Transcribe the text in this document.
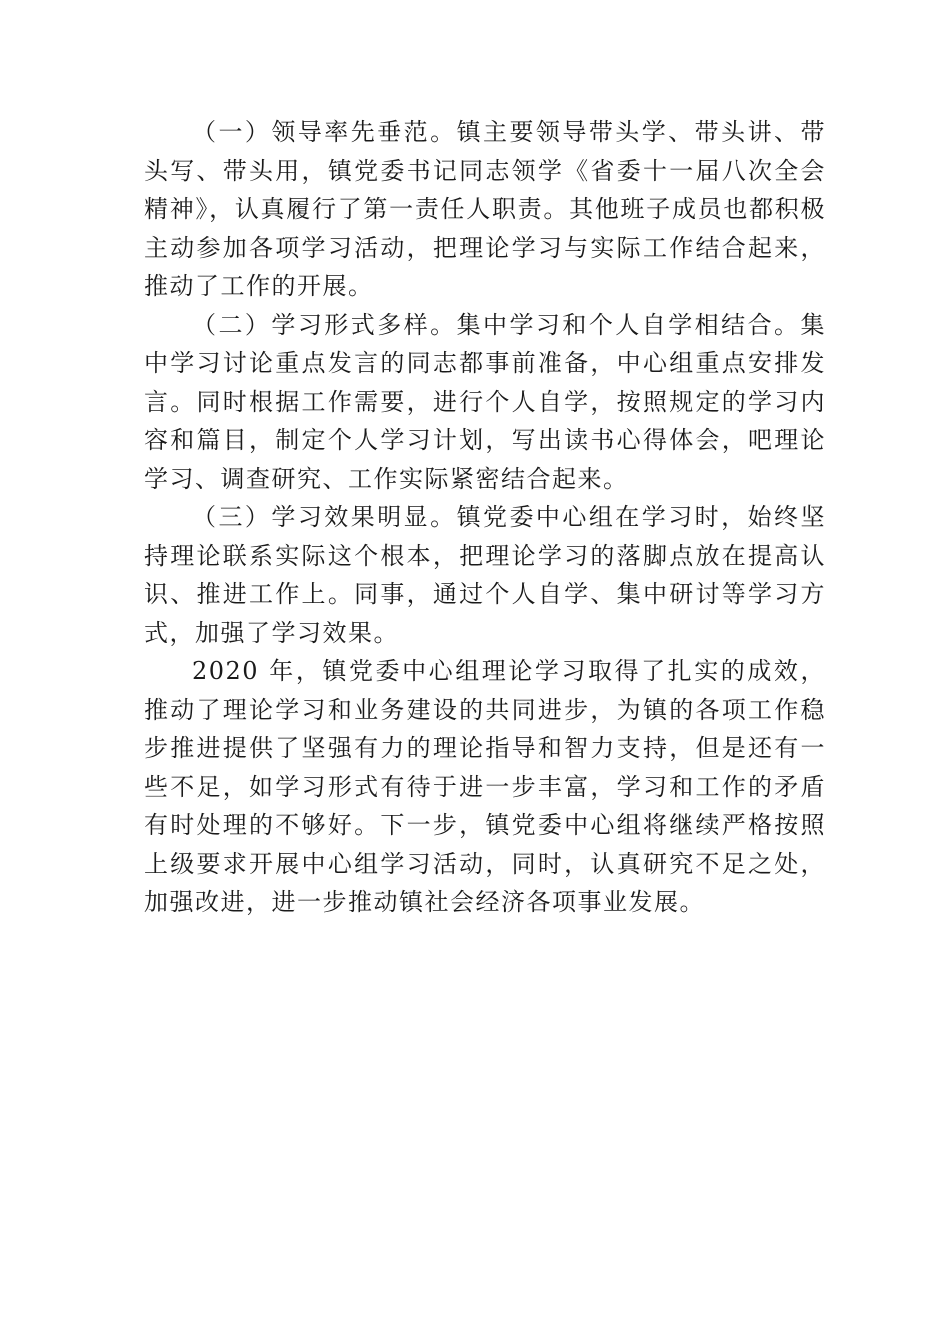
（一）领导率先垂范。镇主要领导带头学、带头讲、带头写、带头用，镇党委书记同志领学《省委十一届八次全会精神》，认真履行了第一责任人职责。其他班子成员也都积极主动参加各项学习活动，把理论学习与实际工作结合起来，推动了工作的开展。

（二）学习形式多样。集中学习和个人自学相结合。集中学习讨论重点发言的同志都事前准备，中心组重点安排发言。同时根据工作需要，进行个人自学，按照规定的学习内容和篇目，制定个人学习计划，写出读书心得体会，吧理论学习、调查研究、工作实际紧密结合起来。

（三）学习效果明显。镇党委中心组在学习时，始终坚持理论联系实际这个根本，把理论学习的落脚点放在提高认识、推进工作上。同事，通过个人自学、集中研讨等学习方式，加强了学习效果。

2020 年，镇党委中心组理论学习取得了扎实的成效，推动了理论学习和业务建设的共同进步，为镇的各项工作稳步推进提供了坚强有力的理论指导和智力支持，但是还有一些不足，如学习形式有待于进一步丰富，学习和工作的矛盾有时处理的不够好。下一步，镇党委中心组将继续严格按照上级要求开展中心组学习活动，同时，认真研究不足之处，加强改进，进一步推动镇社会经济各项事业发展。
